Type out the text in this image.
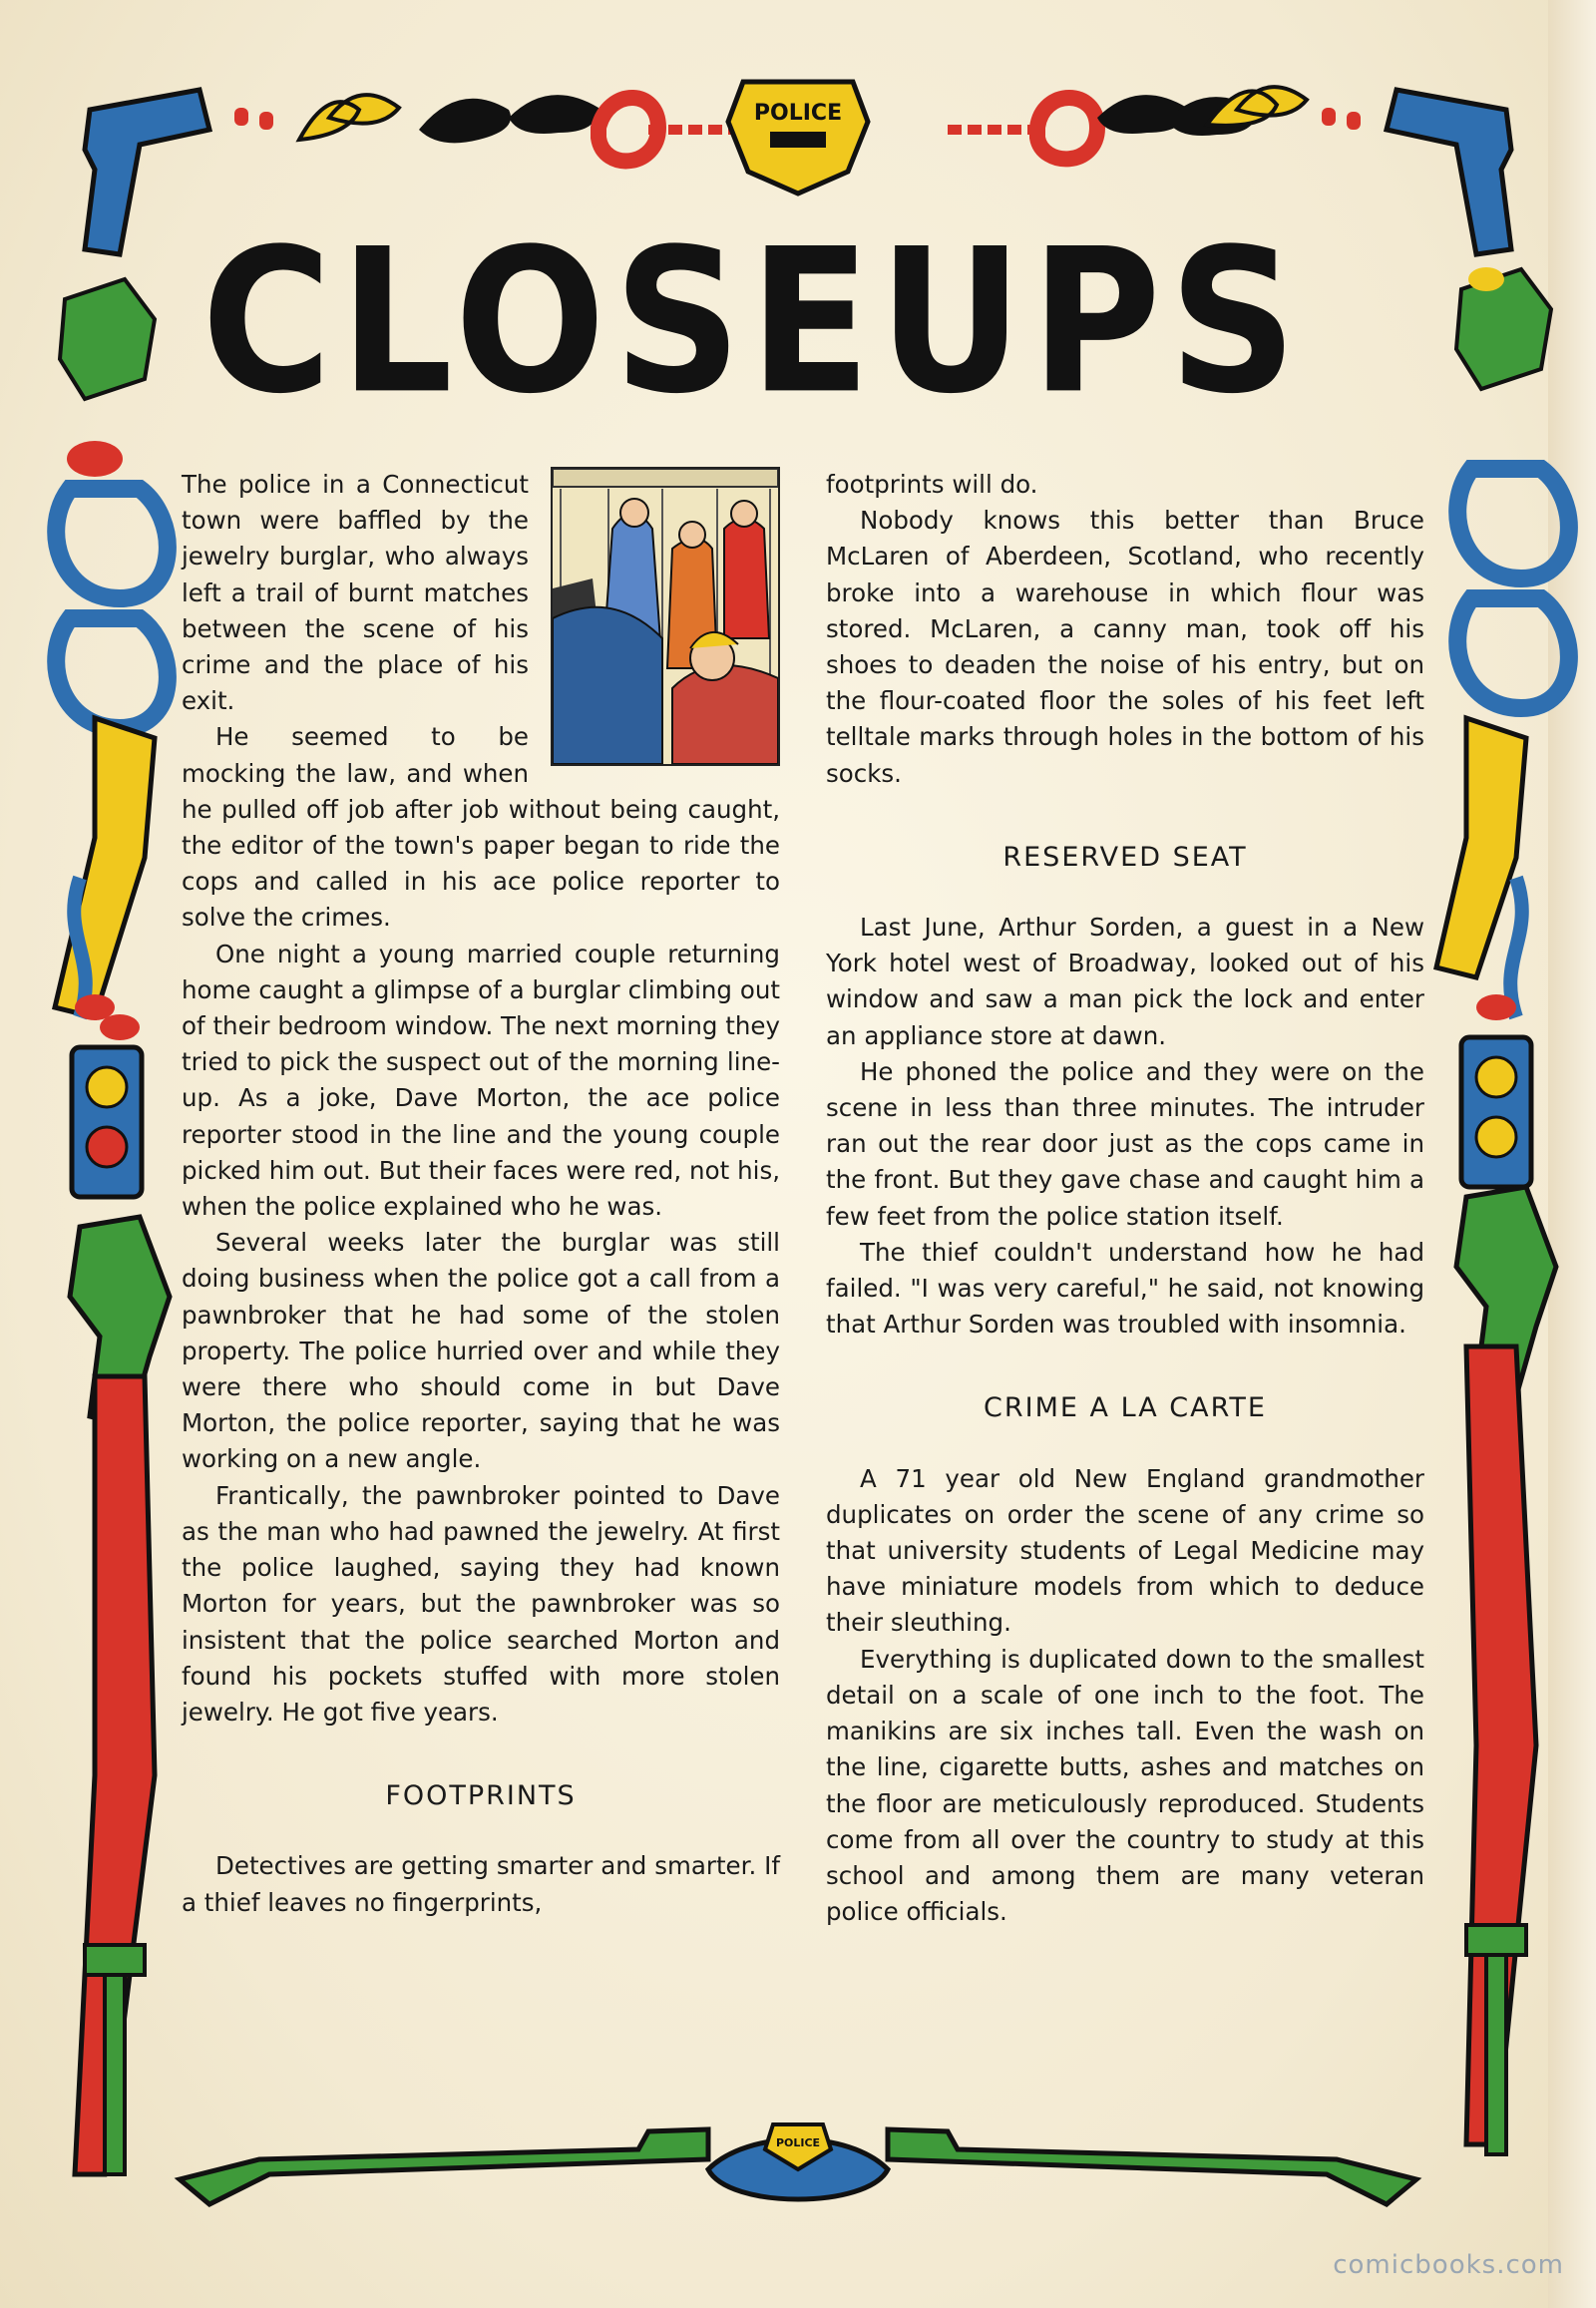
POLICE
POLICE
CLOSEUPS

The police in a Connecticut town were baffled by the jewelry burglar, who always left a trail of burnt matches between the scene of his crime and the place of his exit.

He seemed to be mocking the law, and when he pulled off job after job without being caught, the editor of the town's paper began to ride the cops and called in his ace police reporter to solve the crimes.

One night a young married couple returning home caught a glimpse of a burglar climbing out of their bedroom window. The next morning they tried to pick the suspect out of the morning line-up. As a joke, Dave Morton, the ace police reporter stood in the line and the young couple picked him out. But their faces were red, not his, when the police explained who he was.

Several weeks later the burglar was still doing business when the police got a call from a pawnbroker that he had some of the stolen property. The police hurried over and while they were there who should come in but Dave Morton, the police reporter, saying that he was working on a new angle.

Frantically, the pawnbroker pointed to Dave as the man who had pawned the jewelry. At first the police laughed, saying they had known Morton for years, but the pawnbroker was so insistent that the police searched Morton and found his pockets stuffed with more stolen jewelry. He got five years.

FOOTPRINTS

Detectives are getting smarter and smarter. If a thief leaves no fingerprints,

footprints will do.

Nobody knows this better than Bruce McLaren of Aberdeen, Scotland, who recently broke into a warehouse in which flour was stored. McLaren, a canny man, took off his shoes to deaden the noise of his entry, but on the flour-coated floor the soles of his feet left telltale marks through holes in the bottom of his socks.

RESERVED SEAT

Last June, Arthur Sorden, a guest in a New York hotel west of Broadway, looked out of his window and saw a man pick the lock and enter an appliance store at dawn.

He phoned the police and they were on the scene in less than three minutes. The intruder ran out the rear door just as the cops came in the front. But they gave chase and caught him a few feet from the police station itself.

The thief couldn't understand how he had failed. "I was very careful," he said, not knowing that Arthur Sorden was troubled with insomnia.

CRIME A LA CARTE

A 71 year old New England grandmother duplicates on order the scene of any crime so that university students of Legal Medicine may have miniature models from which to deduce their sleuthing.

Everything is duplicated down to the smallest detail on a scale of one inch to the foot. The manikins are six inches tall. Even the wash on the line, cigarette butts, ashes and matches on the floor are meticulously reproduced. Students come from all over the country to study at this school and among them are many veteran police officials.

comicbooks.com
